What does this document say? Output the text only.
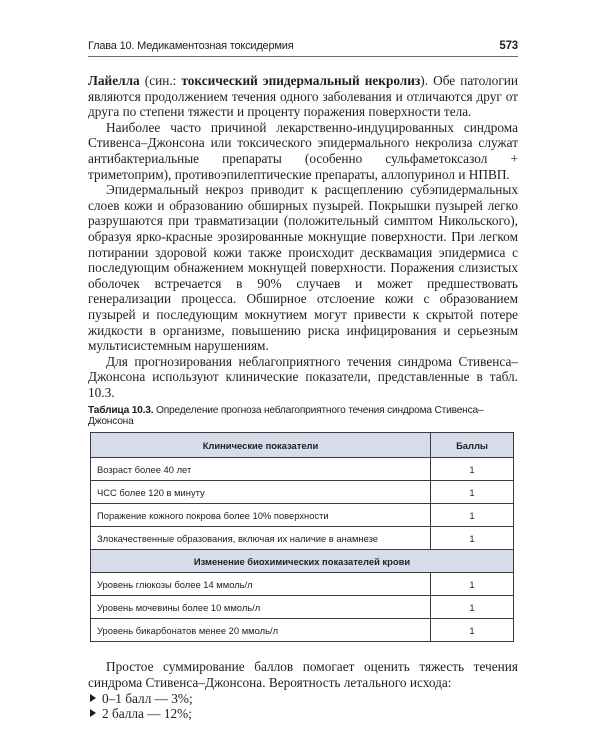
Глава 10. Медикаментозная токсидермия	573

Лайелла (син.: токсический эпидермальный некролиз). Обе патологии являются продолжением течения одного заболевания и отличаются друг от друга по степени тяжести и проценту поражения поверхности тела.

Наиболее часто причиной лекарственно-индуцированных синдрома Стивенса–Джонсона или токсического эпидермального некролиза служат антибактериальные препараты (особенно сульфаметоксазол + триметоприм), противоэпилептические препараты, аллопуринол и НПВП.

Эпидермальный некроз приводит к расщеплению субэпидермальных слоев кожи и образованию обширных пузырей. Покрышки пузырей легко разрушаются при травматизации (положительный симптом Никольского), образуя ярко-красные эрозированные мокнущие поверхности. При легком потирании здоровой кожи также происходит десквамация эпидермиса с последующим обнажением мокнущей поверхности. Поражения слизистых оболочек встречается в 90% случаев и может предшествовать генерализации процесса. Обширное отслоение кожи с образованием пузырей и последующим мокнутием могут привести к скрытой потере жидкости в организме, повышению риска инфицирования и серьезным мультисистемным нарушениям.

Для прогнозирования неблагоприятного течения синдрома Стивенса–Джонсона используют клинические показатели, представленные в табл. 10.3.

Таблица 10.3. Определение прогноза неблагоприятного течения синдрома Стивенса–Джонсона
Клинические показатели	Баллы
Возраст более 40 лет	1
ЧСС более 120 в минуту	1
Поражение кожного покрова более 10% поверхности	1
Злокачественные образования, включая их наличие в анамнезе	1
Изменение биохимических показателей крови	
Уровень глюкозы более 14 ммоль/л	1
Уровень мочевины более 10 ммоль/л	1
Уровень бикарбонатов менее 20 ммоль/л	1

Простое суммирование баллов помогает оценить тяжесть течения синдрома Стивенса–Джонсона. Вероятность летального исхода:

0–1 балл — 3%;
2 балла — 12%;
